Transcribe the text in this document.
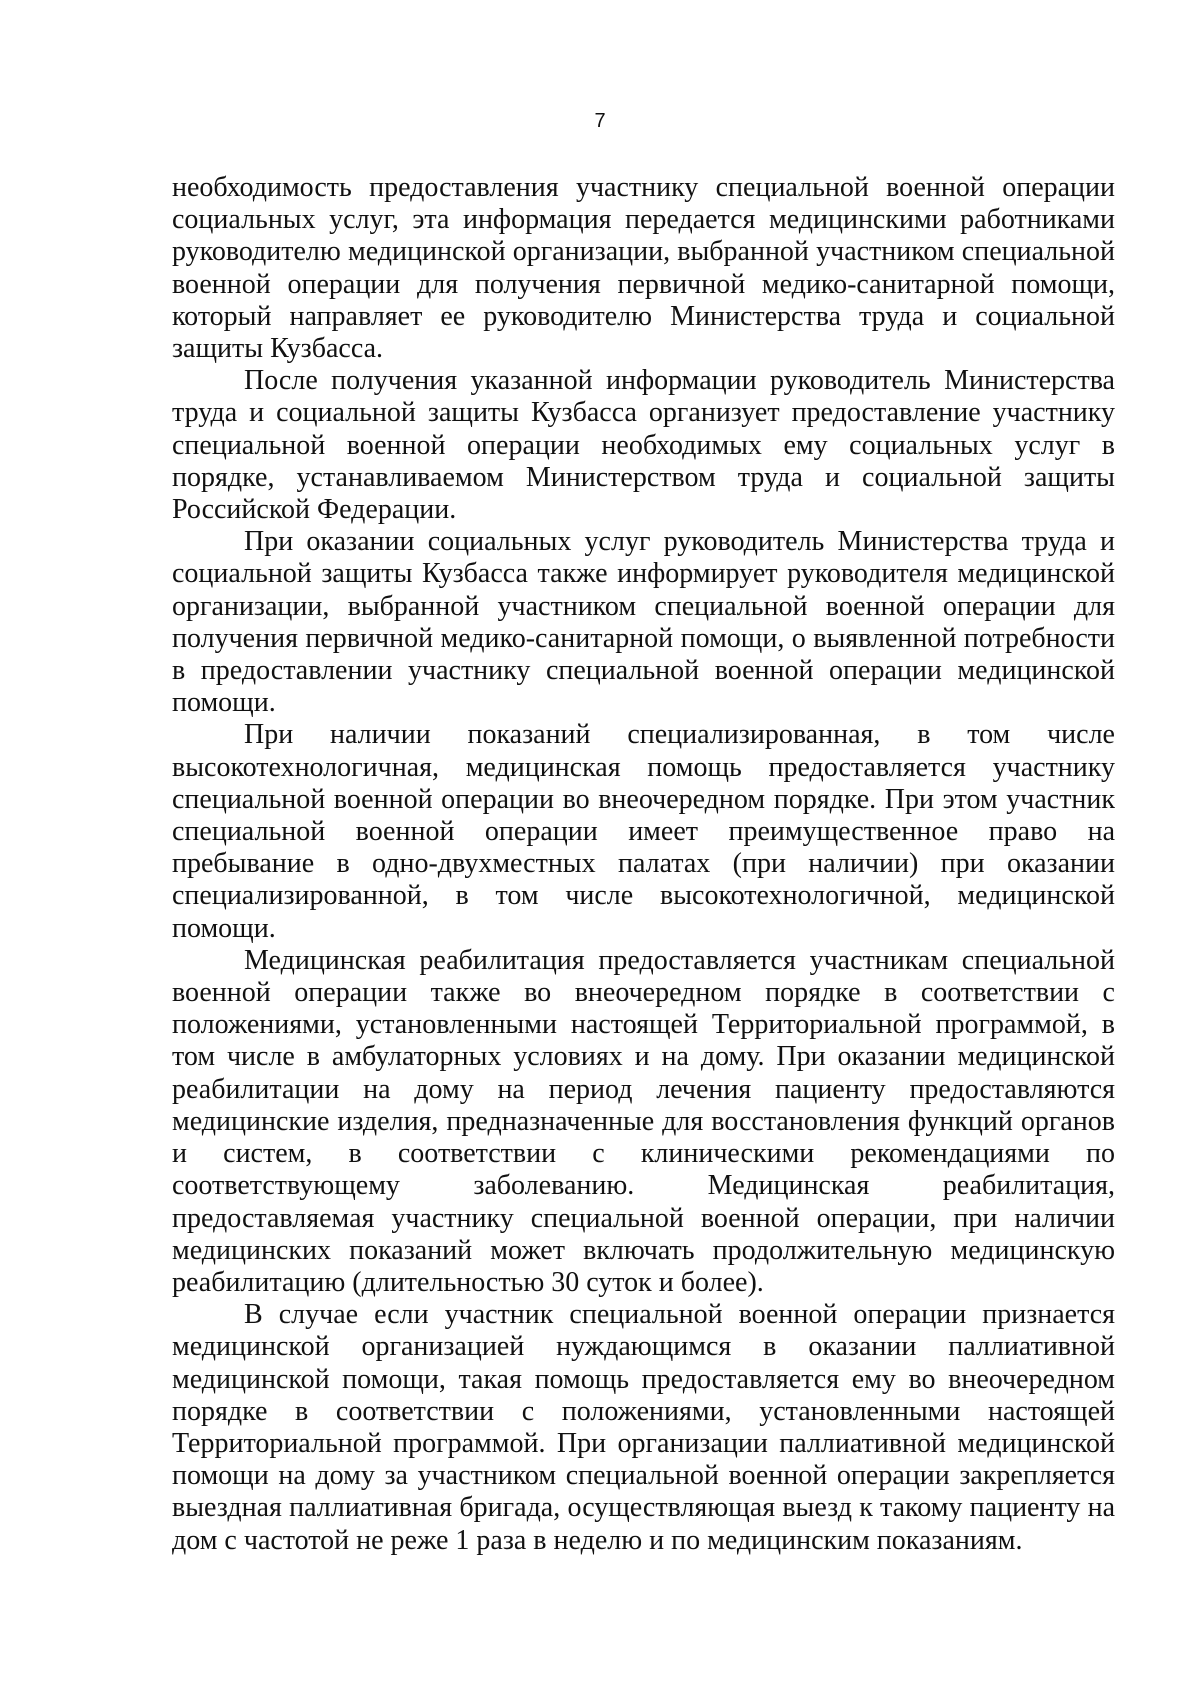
7

необходимость предоставления участнику специальной военной операции социальных услуг, эта информация передается медицинскими работниками руководителю медицинской организации, выбранной участником специальной военной операции для получения первичной медико-санитарной помощи, который направляет ее руководителю Министерства труда и социальной защиты Кузбасса.

После получения указанной информации руководитель Министерства труда и социальной защиты Кузбасса организует предоставление участнику специальной военной операции необходимых ему социальных услуг в порядке, устанавливаемом Министерством труда и социальной защиты Российской Федерации.

При оказании социальных услуг руководитель Министерства труда и социальной защиты Кузбасса также информирует руководителя медицинской организации, выбранной участником специальной военной операции для получения первичной медико-санитарной помощи, о выявленной потребности в предоставлении участнику специальной военной операции медицинской помощи.

При наличии показаний специализированная, в том числе высокотехнологичная, медицинская помощь предоставляется участнику специальной военной операции во внеочередном порядке. При этом участник специальной военной операции имеет преимущественное право на пребывание в одно-двухместных палатах (при наличии) при оказании специализированной, в том числе высокотехнологичной, медицинской помощи.

Медицинская реабилитация предоставляется участникам специальной военной операции также во внеочередном порядке в соответствии с положениями, установленными настоящей Территориальной программой, в том числе в амбулаторных условиях и на дому. При оказании медицинской реабилитации на дому на период лечения пациенту предоставляются медицинские изделия, предназначенные для восстановления функций органов и систем, в соответствии с клиническими рекомендациями по соответствующему заболеванию. Медицинская реабилитация, предоставляемая участнику специальной военной операции, при наличии медицинских показаний может включать продолжительную медицинскую реабилитацию (длительностью 30 суток и более).

В случае если участник специальной военной операции признается медицинской организацией нуждающимся в оказании паллиативной медицинской помощи, такая помощь предоставляется ему во внеочередном порядке в соответствии с положениями, установленными настоящей Территориальной программой. При организации паллиативной медицинской помощи на дому за участником специальной военной операции закрепляется выездная паллиативная бригада, осуществляющая выезд к такому пациенту на дом с частотой не реже 1 раза в неделю и по медицинским показаниям.
